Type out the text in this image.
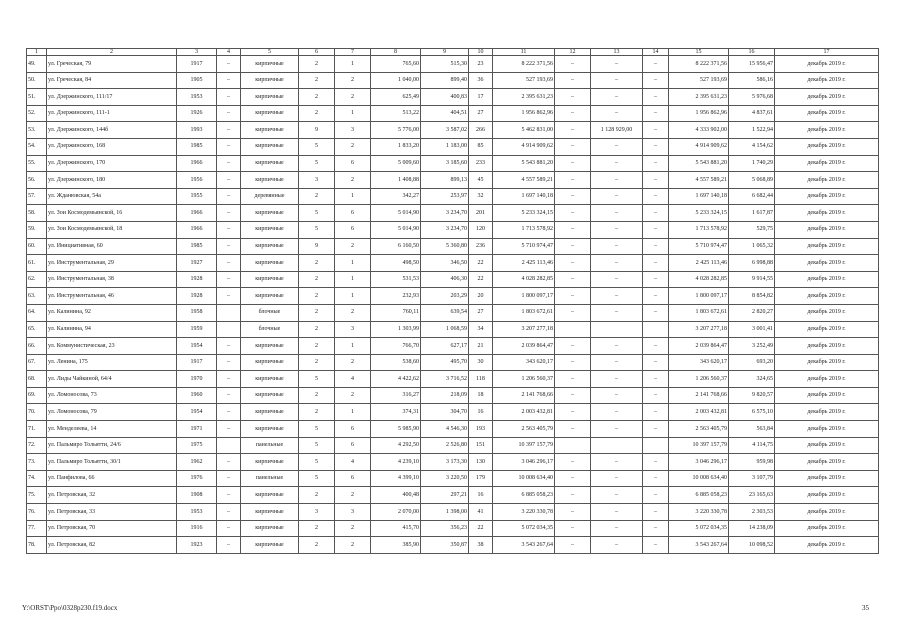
1	2	3	4	5	6	7	8	9	10	11	12	13	14	15	16	17
49.	ул. Греческая, 79	1917	–	кирпичные	2	1	765,60	515,30	23	8 222 371,56	–	–	–	8 222 371,56	15 956,47	декабрь 2019 г.
50.	ул. Греческая, 84	1905	–	кирпичные	2	2	1 040,00	899,40	36	527 193,69	–	–	–	527 193,69	586,16	декабрь 2019 г.
51.	ул. Дзержинского, 111/17	1953	–	кирпичные	2	2	625,49	400,83	17	2 395 631,23	–	–	–	2 395 631,23	5 976,68	декабрь 2019 г.
52.	ул. Дзержинского, 111-1	1926	–	кирпичные	2	1	513,22	404,51	27	1 956 862,96	–	–	–	1 956 862,96	4 837,61	декабрь 2019 г.
53.	ул. Дзержинского, 144б	1993	–	кирпичные	9	3	5 776,00	3 587,02	266	5 462 831,00	–	1 128 929,00	–	4 333 902,00	1 522,94	декабрь 2019 г.
54.	ул. Дзержинского, 168	1985	–	кирпичные	5	2	1 833,20	1 183,00	85	4 914 909,62	–	–	–	4 914 909,62	4 154,62	декабрь 2019 г.
55.	ул. Дзержинского, 170	1966	–	кирпичные	5	6	5 009,60	3 185,60	233	5 543 881,20	–	–	–	5 543 881,20	1 740,29	декабрь 2019 г.
56.	ул. Дзержинского, 180	1956	–	кирпичные	3	2	1 408,88	899,13	45	4 557 589,21	–	–	–	4 557 589,21	5 068,89	декабрь 2019 г.
57.	ул. Жданювская, 54а	1955	–	деревянные	2	1	342,27	253,97	32	1 697 140,18	–	–	–	1 697 140,18	6 682,44	декабрь 2019 г.
58.	ул. Зои Космодемьянской, 16	1966	–	кирпичные	5	6	5 014,90	3 234,70	201	5 233 324,15	–	–	–	5 233 324,15	1 617,87	декабрь 2019 г.
59.	ул. Зои Космодемьянской, 18	1966	–	кирпичные	5	6	5 014,90	3 234,70	120	1 713 578,92	–	–	–	1 713 578,92	529,75	декабрь 2019 г.
60.	ул. Инициативная, 60	1985	–	кирпичные	9	2	6 160,50	5 360,80	236	5 710 974,47	–	–	–	5 710 974,47	1 065,32	декабрь 2019 г.
61.	ул. Инструментальная, 29	1927	–	кирпичные	2	1	498,50	346,50	22	2 425 113,46	–	–	–	2 425 113,46	6 998,88	декабрь 2019 г.
62.	ул. Инструментальная, 38	1928	–	кирпичные	2	1	531,53	406,30	22	4 028 282,85	–	–	–	4 028 282,85	9 914,55	декабрь 2019 г.
63.	ул. Инструментальная, 46	1928	–	кирпичные	2	1	232,93	203,29	20	1 800 097,17	–	–	–	1 800 097,17	8 854,82	декабрь 2019 г.
64.	ул. Калинина, 92	1958		блочные	2	2	760,11	639,54	27	1 803 672,61	–	–	–	1 803 672,61	2 820,27	декабрь 2019 г.
65.	ул. Калинина, 94	1959		блочные	2	3	1 303,99	1 068,59	34	3 207 277,18				3 207 277,18	3 001,41	декабрь 2019 г.
66.	ул. Коммунистическая, 23	1954	–	кирпичные	2	1	766,70	627,17	21	2 039 864,47	–	–	–	2 039 864,47	3 252,49	декабрь 2019 г.
67.	ул. Ленина, 175	1917	–	кирпичные	2	2	538,60	495,70	30	343 620,17	–	–	–	343 620,17	693,20	декабрь 2019 г.
68.	ул. Лиды Чайкиной, 64/4	1970	–	кирпичные	5	4	4 422,62	3 716,52	118	1 206 560,37	–	–	–	1 206 560,37	324,65	декабрь 2019 г.
69.	ул. Ломоносова, 73	1960	–	кирпичные	2	2	316,27	218,09	18	2 141 768,66	–	–	–	2 141 768,66	9 820,57	декабрь 2019 г.
70.	ул. Ломоносова, 79	1954	–	кирпичные	2	1	374,31	304,70	16	2 003 432,81	–	–	–	2 003 432,81	6 575,10	декабрь 2019 г.
71.	ул. Менделеева, 14	1971	–	кирпичные	5	6	5 985,90	4 546,30	193	2 563 405,79	–	–	–	2 563 405,79	563,84	декабрь 2019 г.
72.	ул. Пальмиро Тольятти, 24/6	1975		панельные	5	6	4 292,50	2 526,80	151	10 397 157,79				10 397 157,79	4 114,75	декабрь 2019 г.
73.	ул. Пальмиро Тольятти, 30/1	1962	–	кирпичные	5	4	4 239,10	3 173,30	130	3 046 296,17	–	–	–	3 046 296,17	959,98	декабрь 2019 г.
74.	ул. Панфилова, 66	1976	–	панельные	5	6	4 399,10	3 220,50	179	10 008 634,40	–	–	–	10 008 634,40	3 107,79	декабрь 2019 г.
75.	ул. Петровская, 32	1908	–	кирпичные	2	2	400,48	297,21	16	6 885 058,23	–	–	–	6 885 058,23	23 165,63	декабрь 2019 г.
76.	ул. Петровская, 33	1953	–	кирпичные	3	3	2 070,00	1 398,00	41	3 220 330,78	–	–	–	3 220 330,78	2 303,53	декабрь 2019 г.
77.	ул. Петровская, 70	1916	–	кирпичные	2	2	415,70	356,23	22	5 072 034,35	–	–	–	5 072 034,35	14 238,09	декабрь 2019 г.
78.	ул. Петровская, 82	1923	–	кирпичные	2	2	385,90	350,87	38	3 543 267,64	–	–	–	3 543 267,64	10 098,52	декабрь 2019 г.
Y:\ORST\Ppo\0328p230.f19.docx	35
